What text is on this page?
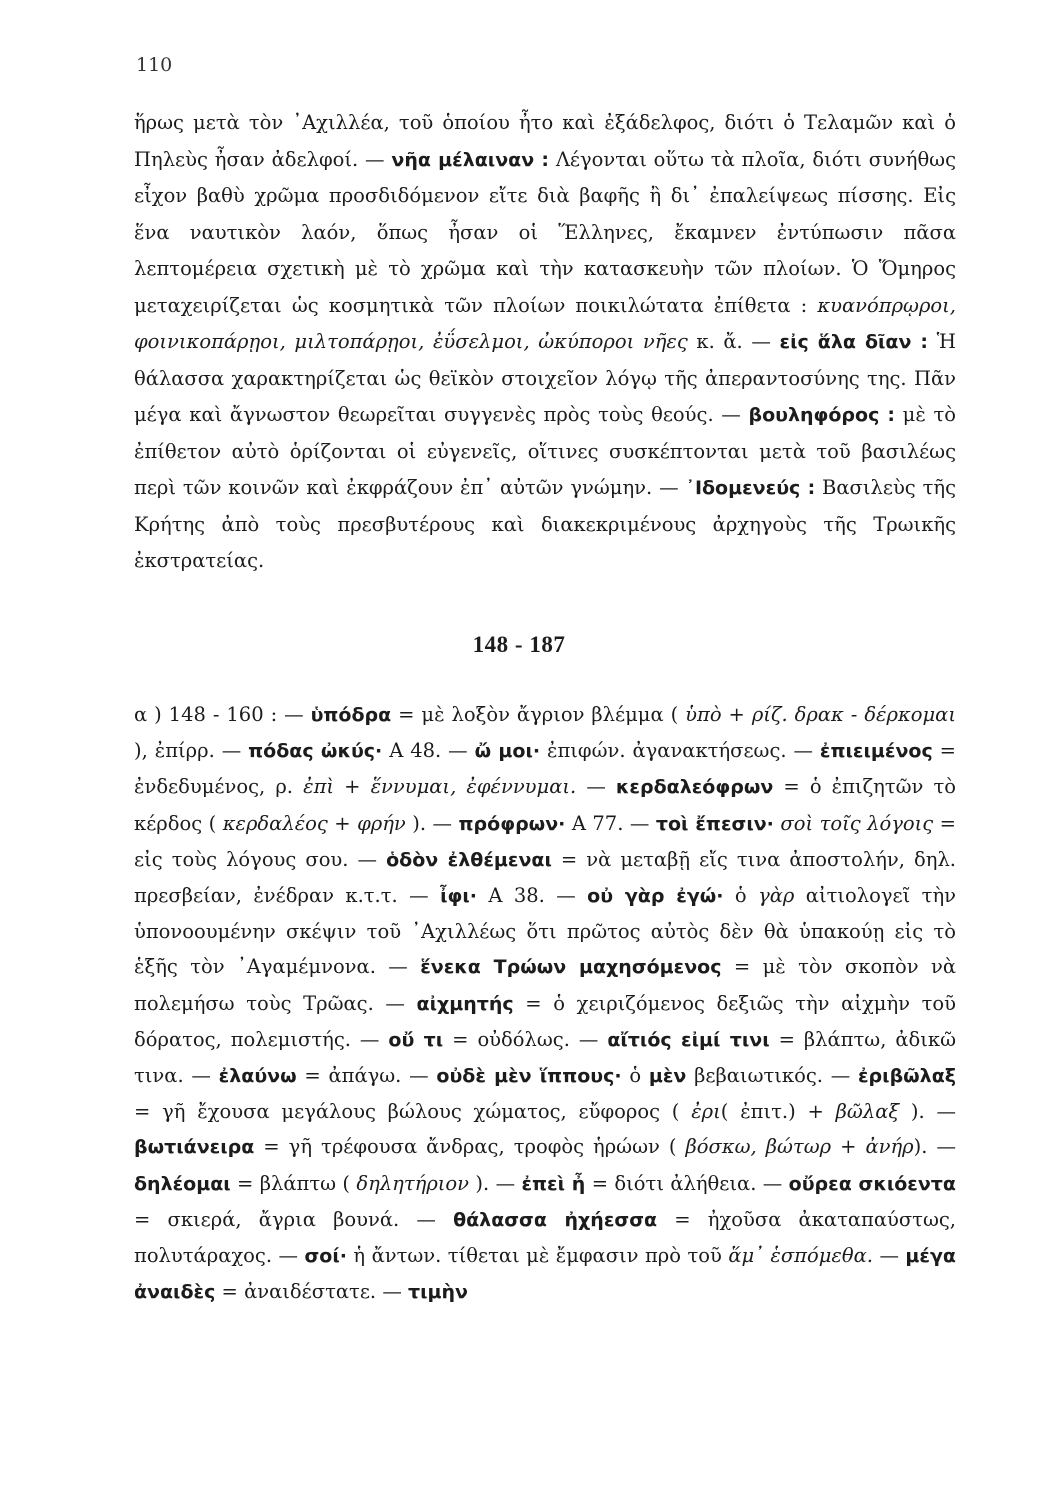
110
ἥρως μετὰ τὸν ᾿Αχιλλέα, τοῦ ὁποίου ἦτο καὶ ἐξάδελφος, διότι ὁ Τελαμῶν καὶ ὁ Πηλεὺς ἦσαν ἀδελφοί. — νῆα μέλαιναν : Λέγονται οὕτω τὰ πλοῖα, διότι συνήθως εἶχον βαθὺ χρῶμα προσδιδόμενον εἴτε διὰ βαφῆς ἢ δι᾿ ἐπαλείψεως πίσσης. Εἰς ἕνα ναυτικὸν λαόν, ὅπως ἦσαν οἱ Ἕλληνες, ἔκαμνεν ἐντύπωσιν πᾶσα λεπτομέρεια σχετικὴ μὲ τὸ χρῶμα καὶ τὴν κατασκευὴν τῶν πλοίων. Ὁ Ὅμηρος μεταχειρίζεται ὡς κοσμητικὰ τῶν πλοίων ποικιλώτατα ἐπίθετα : κυανόπρῳροι, φοινικοπάρῃοι, μιλτοπάρῃοι, ἐΰσελμοι, ὠκύποροι νῆες κ. ἄ. — εἰς ἅλα δῖαν : Ἡ θάλασσα χαρακτηρίζεται ὡς θεϊκὸν στοιχεῖον λόγῳ τῆς ἀπεραντοσύνης της. Πᾶν μέγα καὶ ἄγνωστον θεωρεῖται συγγενὲς πρὸς τοὺς θεούς. — βουληφόρος : μὲ τὸ ἐπίθετον αὐτὸ ὁρίζονται οἱ εὐγενεῖς, οἵτινες συσκέπτονται μετὰ τοῦ βασιλέως περὶ τῶν κοινῶν καὶ ἐκφράζουν ἐπ᾿ αὐτῶν γνώμην. — ᾿Ιδομενεύς : Βασιλεὺς τῆς Κρήτης ἀπὸ τοὺς πρεσβυτέρους καὶ διακεκριμένους ἀρχηγοὺς τῆς Τρωικῆς ἐκστρατείας.
148 - 187
α ) 148 - 160 : — ὑπόδρα = μὲ λοξὸν ἄγριον βλέμμα ( ὑπὸ + ρίζ. δρακ - δέρκομαι ), ἐπίρρ. — πόδας ὠκύς· Α 48. — ὤ μοι· ἐπιφών. ἀγανακτήσεως. — ἐπιειμένος = ἐνδεδυμένος, ρ. ἐπὶ + ἕννυμαι, ἐφέννυμαι. — κερδαλεόφρων = ὁ ἐπιζητῶν τὸ κέρδος ( κερδαλέος + φρήν ). — πρόφρων· Α 77. — τοὶ ἔπεσιν· σοὶ τοῖς λόγοις = εἰς τοὺς λόγους σου. — ὁδὸν ἐλθέμεναι = νὰ μεταβῇ εἴς τινα ἀποστολήν, δηλ. πρεσβείαν, ἐνέδραν κ.τ.τ. — ἶφι· Α 38. — οὐ γὰρ ἐγώ· ὁ γὰρ αἰτιολογεῖ τὴν ὑπονοουμένην σκέψιν τοῦ ᾿Αχιλλέως ὅτι πρῶτος αὐτὸς δὲν θὰ ὑπακούῃ εἰς τὸ ἑξῆς τὸν ᾿Αγαμέμνονα. — ἕνεκα Τρώων μαχησόμενος = μὲ τὸν σκοπὸν νὰ πολεμήσω τοὺς Τρῶας. — αἰχμητής = ὁ χειριζόμενος δεξιῶς τὴν αἰχμὴν τοῦ δόρατος, πολεμιστής. — οὔ τι = οὐδόλως. — αἴτιός εἰμί τινι = βλάπτω, ἀδικῶ τινα. — ἐλαύνω = ἀπάγω. — οὐδὲ μὲν ἵππους· ὁ μὲν βεβαιωτικός. — ἐριβῶλαξ = γῆ ἔχουσα μεγάλους βώλους χώματος, εὔφορος ( ἐρι( ἐπιτ.) + βῶλαξ ). — βωτιάνειρα = γῆ τρέφουσα ἄνδρας, τροφὸς ἡρώων ( βόσκω, βώτωρ + ἀνήρ). — δηλέομαι = βλάπτω ( δηλητήριον ). — ἐπεὶ ἦ = διότι ἀλήθεια. — οὔρεα σκιόεντα = σκιερά, ἄγρια βουνά. — θάλασσα ἠχήεσσα = ἠχοῦσα ἀκαταπαύστως, πολυτάραχος. — σοί· ἡ ἄντων. τίθεται μὲ ἔμφασιν πρὸ τοῦ ἅμ᾿ ἑσπόμεθα. — μέγα ἀναιδὲς = ἀναιδέστατε. — τιμὴν
